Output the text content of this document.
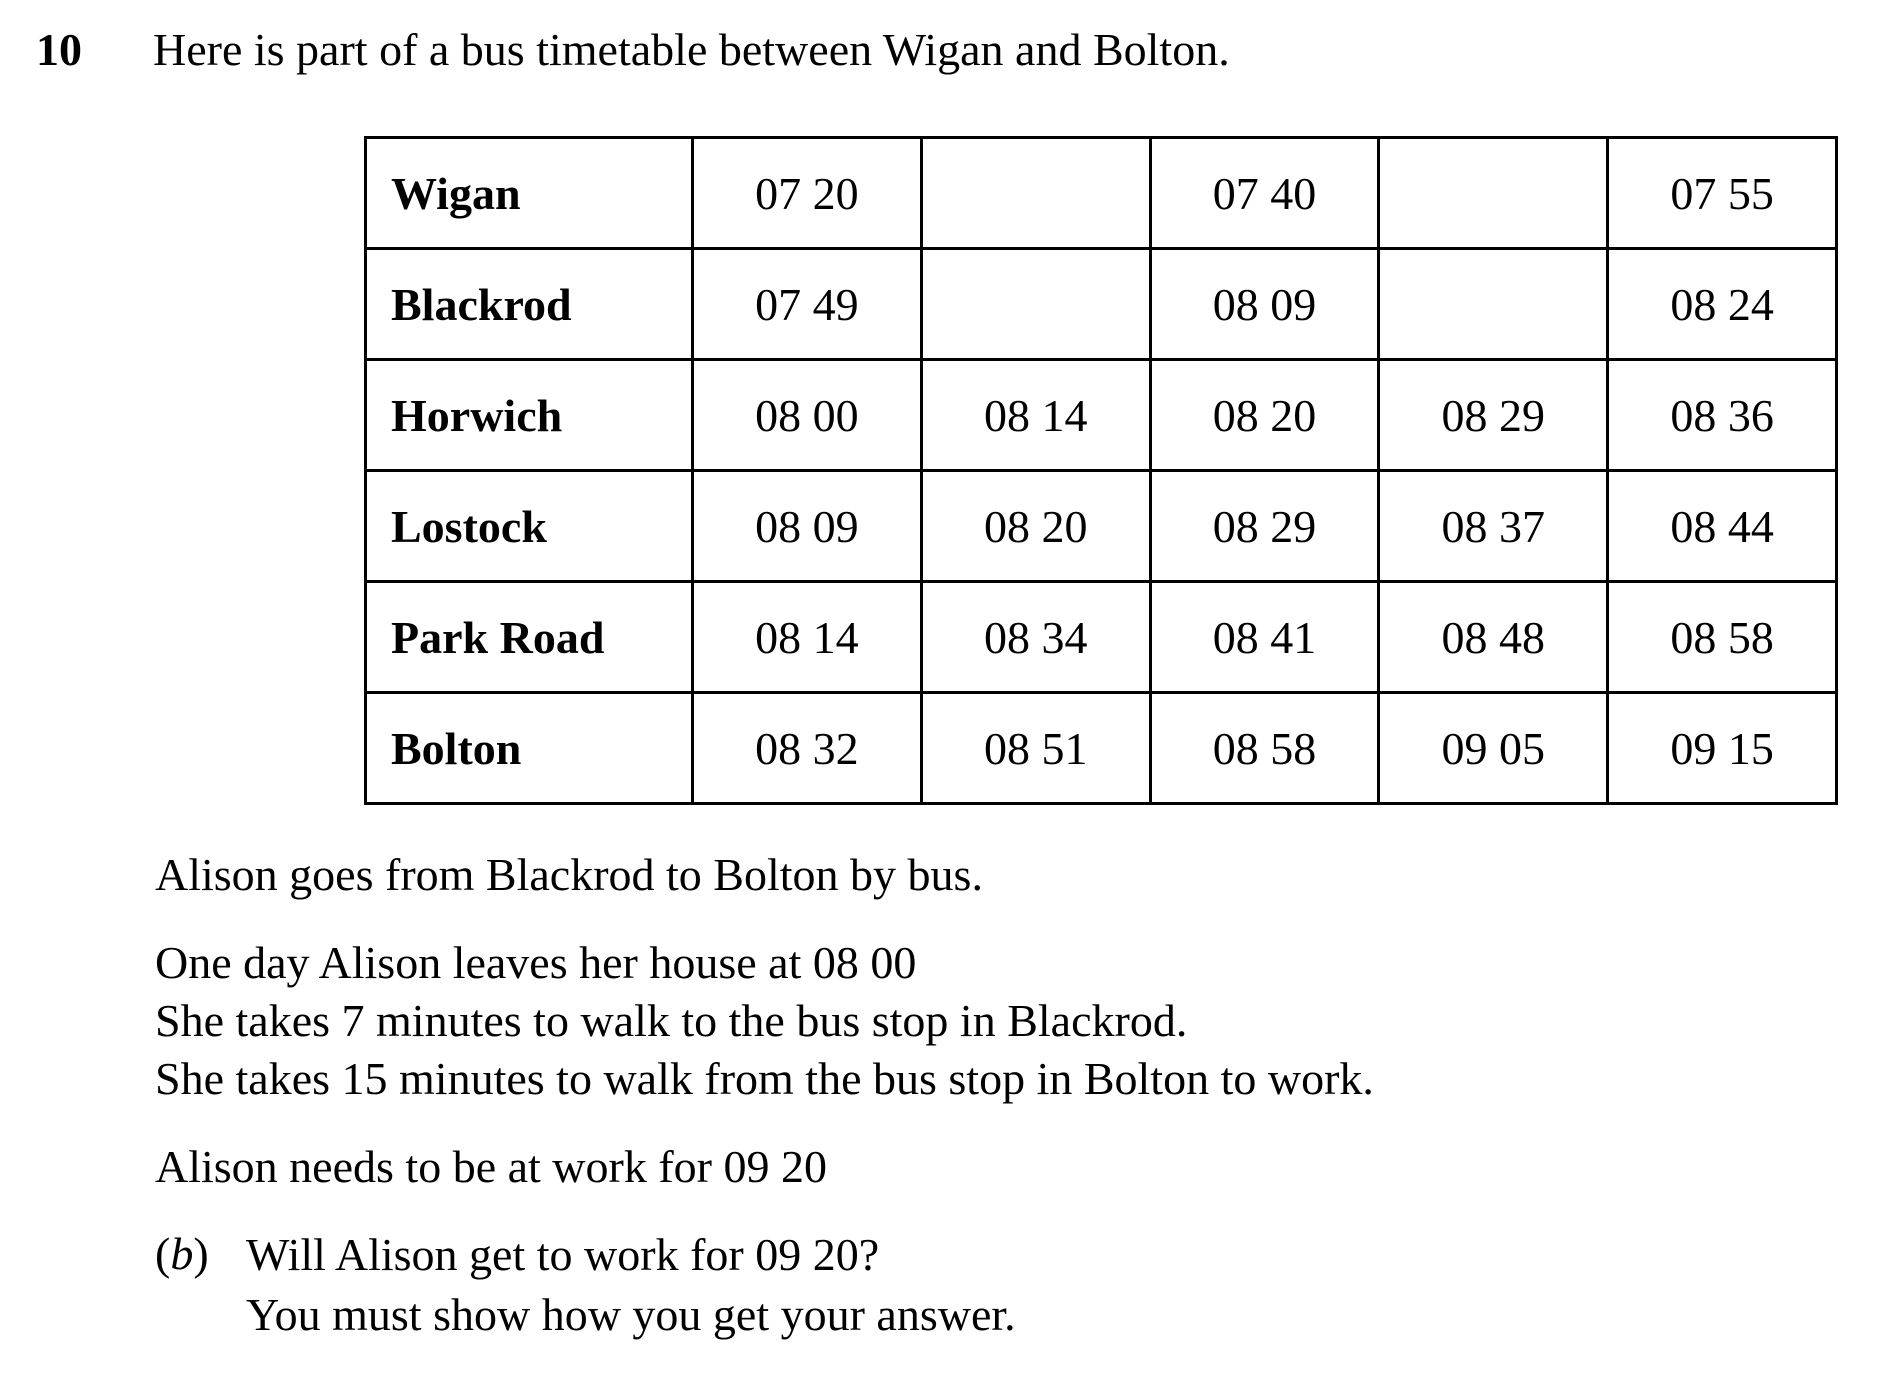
10 Here is part of a bus timetable between Wigan and Bolton.
Wigan	07 20		07 40		07 55
Blackrod	07 49		08 09		08 24
Horwich	08 00	08 14	08 20	08 29	08 36
Lostock	08 09	08 20	08 29	08 37	08 44
Park Road	08 14	08 34	08 41	08 48	08 58
Bolton	08 32	08 51	08 58	09 05	09 15
Alison goes from Blackrod to Bolton by bus.
One day Alison leaves her house at 08 00
She takes 7 minutes to walk to the bus stop in Blackrod.
She takes 15 minutes to walk from the bus stop in Bolton to work.
Alison needs to be at work for 09 20
(b) Will Alison get to work for 09 20?
You must show how you get your answer.
